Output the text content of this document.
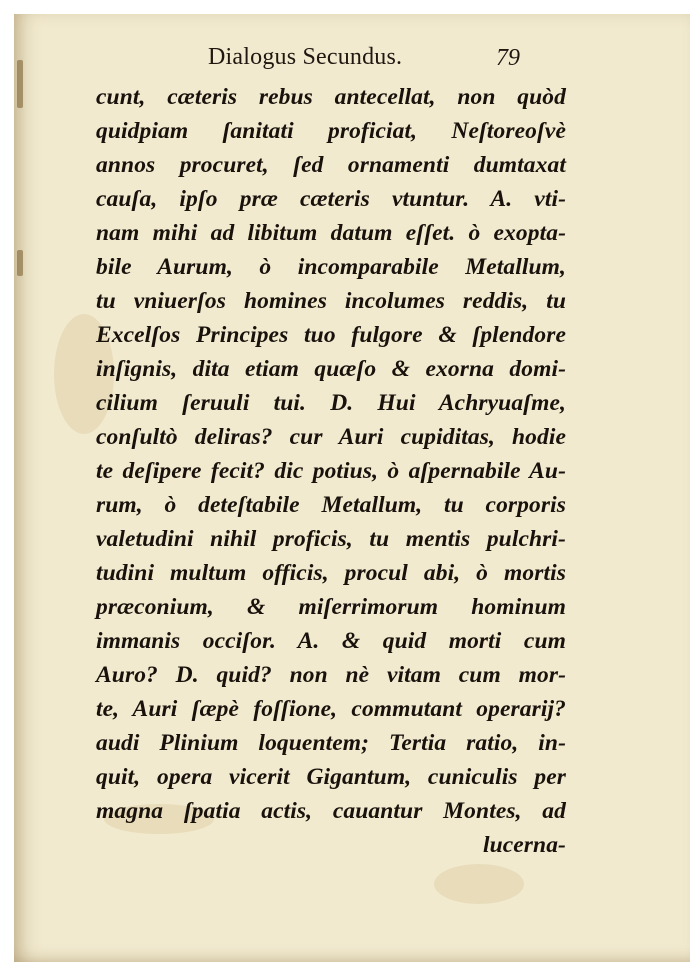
Dialogus Secundus.	79
cunt, cæteris rebus antecellat, non quòd
quidpiam ſanitati proficiat, Neſtoreoſvè
annos procuret, ſed ornamenti dumtaxat
cauſa, ipſo præ cæteris vtuntur. A. vti-
nam mihi ad libitum datum eſſet. ò exopta-
bile Aurum, ò incomparabile Metallum,
tu vniuerſos homines incolumes reddis, tu
Excelſos Principes tuo fulgore & ſplendore
inſignis, dita etiam quæſo & exorna domi-
cilium ſeruuli tui. D. Hui Achryuaſme,
conſultò deliras? cur Auri cupiditas, hodie
te deſipere fecit? dic potius, ò aſpernabile Au-
rum, ò deteſtabile Metallum, tu corporis
valetudini nihil proficis, tu mentis pulchri-
tudini multum officis, procul abi, ò mortis
præconium, & miſerrimorum hominum
immanis occiſor. A. & quid morti cum
Auro? D. quid? non nè vitam cum mor-
te, Auri ſæpè foſſione, commutant operarij?
audi Plinium loquentem; Tertia ratio, in-
quit, opera vicerit Gigantum, cuniculis per
magna ſpatia actis, cauantur Montes, ad
lucerna-
